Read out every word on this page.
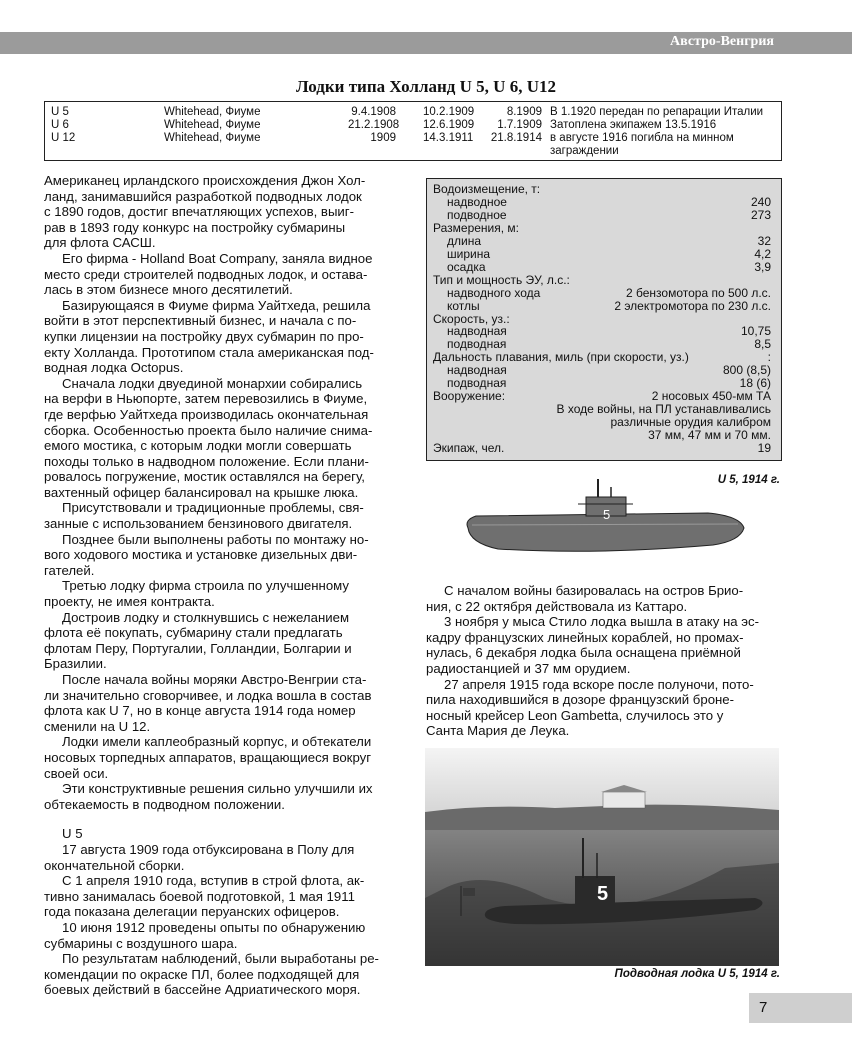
Австро-Венгрия
Лодки типа Холланд U 5, U 6, U12
U 5	Whitehead, Фиуме	9.4.1908 10.2.1909	8.1909 В 1.1920 передан по репарации Италии
U 6	Whitehead, Фиуме	21.2.1908 12.6.1909	1.7.1909 Затоплена экипажем 13.5.1916
U 12	Whitehead, Фиуме	1909 14.3.1911 21.8.1914 в августе 1916 погибла на минном
заграждении

Американец ирландского происхождения Джон Хол-

ланд, занимавшийся разработкой подводных лодок

с 1890 годов, достиг впечатляющих успехов, выиг-

рав в 1893 году конкурс на постройку субмарины

для флота САСШ.

Его фирма - Holland Boat Company, заняла видное

место среди строителей подводных лодок, и остава-

лась в этом бизнесе много десятилетий.

Базирующаяся в Фиуме фирма Уайтхеда, решила

войти в этот перспективный бизнес, и начала с по-

купки лицензии на постройку двух субмарин по про-

екту Холланда. Прототипом стала американская под-

водная лодка Octopus.

Сначала лодки двуединой монархии собирались

на верфи в Ньюпорте, затем перевозились в Фиуме,

где верфью Уайтхеда производилась окончательная

сборка. Особенностью проекта было наличие снима-

емого мостика, с которым лодки могли совершать

походы только в надводном положение. Если плани-

ровалось погружение, мостик оставлялся на берегу,

вахтенный офицер балансировал на крышке люка.

Присутствовали и традиционные проблемы, свя-

занные с использованием бензинового двигателя.

Позднее были выполнены работы по монтажу но-

вого ходового мостика и установке дизельных дви-

гателей.

Третью лодку фирма строила по улучшенному

проекту, не имея контракта.

Достроив лодку и столкнувшись с нежеланием

флота её покупать, субмарину стали предлагать

флотам Перу, Португалии, Голландии, Болгарии и

Бразилии.

После начала войны моряки Австро-Венгрии ста-

ли значительно сговорчивее, и лодка вошла в состав

флота как U 7, но в конце августа 1914 года номер

сменили на U 12.

Лодки имели каплеобразный корпус, и обтекатели

носовых торпедных аппаратов, вращающиеся вокруг

своей оси.

Эти конструктивные решения сильно улучшили их

обтекаемость в подводном положении.

U 5

17 августа 1909 года отбуксирована в Полу для

окончательной сборки.

С 1 апреля 1910 года, вступив в строй флота, ак-

тивно занималась боевой подготовкой, 1 мая 1911

года показана делегации перуанских офицеров.

10 июня 1912 проведены опыты по обнаружению

субмарины с воздушного шара.

По результатам наблюдений, были выработаны ре-

комендации по окраске ПЛ, более подходящей для

боевых действий в бассейне Адриатического моря.

Водоизмещение, т:
надводное	240
подводное	273
Размерения, м:
длина	32
ширина	4,2
осадка	3,9
Тип и мощность ЭУ, л.с.:
надводного хода	2 бензомотора по 500 л.с.
котлы	2 электромотора по 230 л.с.
Скорость, уз.:
надводная	10,75
подводная	8,5
Дальность плавания, миль (при скорости, уз.)	:
надводная	800 (8,5)
подводная	18 (6)
Вооружение:	2 носовых 450-мм ТА
В ходе войны, на ПЛ устанавливались
различные орудия калибром
37 мм, 47 мм и 70 мм.
Экипаж, чел.	19
U 5, 1914 г.
5

С началом войны базировалась на остров Брио-

ния, с 22 октября действовала из Каттаро.

3 ноября у мыса Стило лодка вышла в атаку на эс-

кадру французских линейных кораблей, но промах-

нулась, 6 декабря лодка была оснащена приёмной

радиостанцией и 37 мм орудием.

27 апреля 1915 года вскоре после полуночи, пото-

пила находившийся в дозоре французский броне-

носный крейсер Leon Gambetta, случилось это у

Санта Мария де Леука.

5
Подводная лодка U 5, 1914 г.
7
